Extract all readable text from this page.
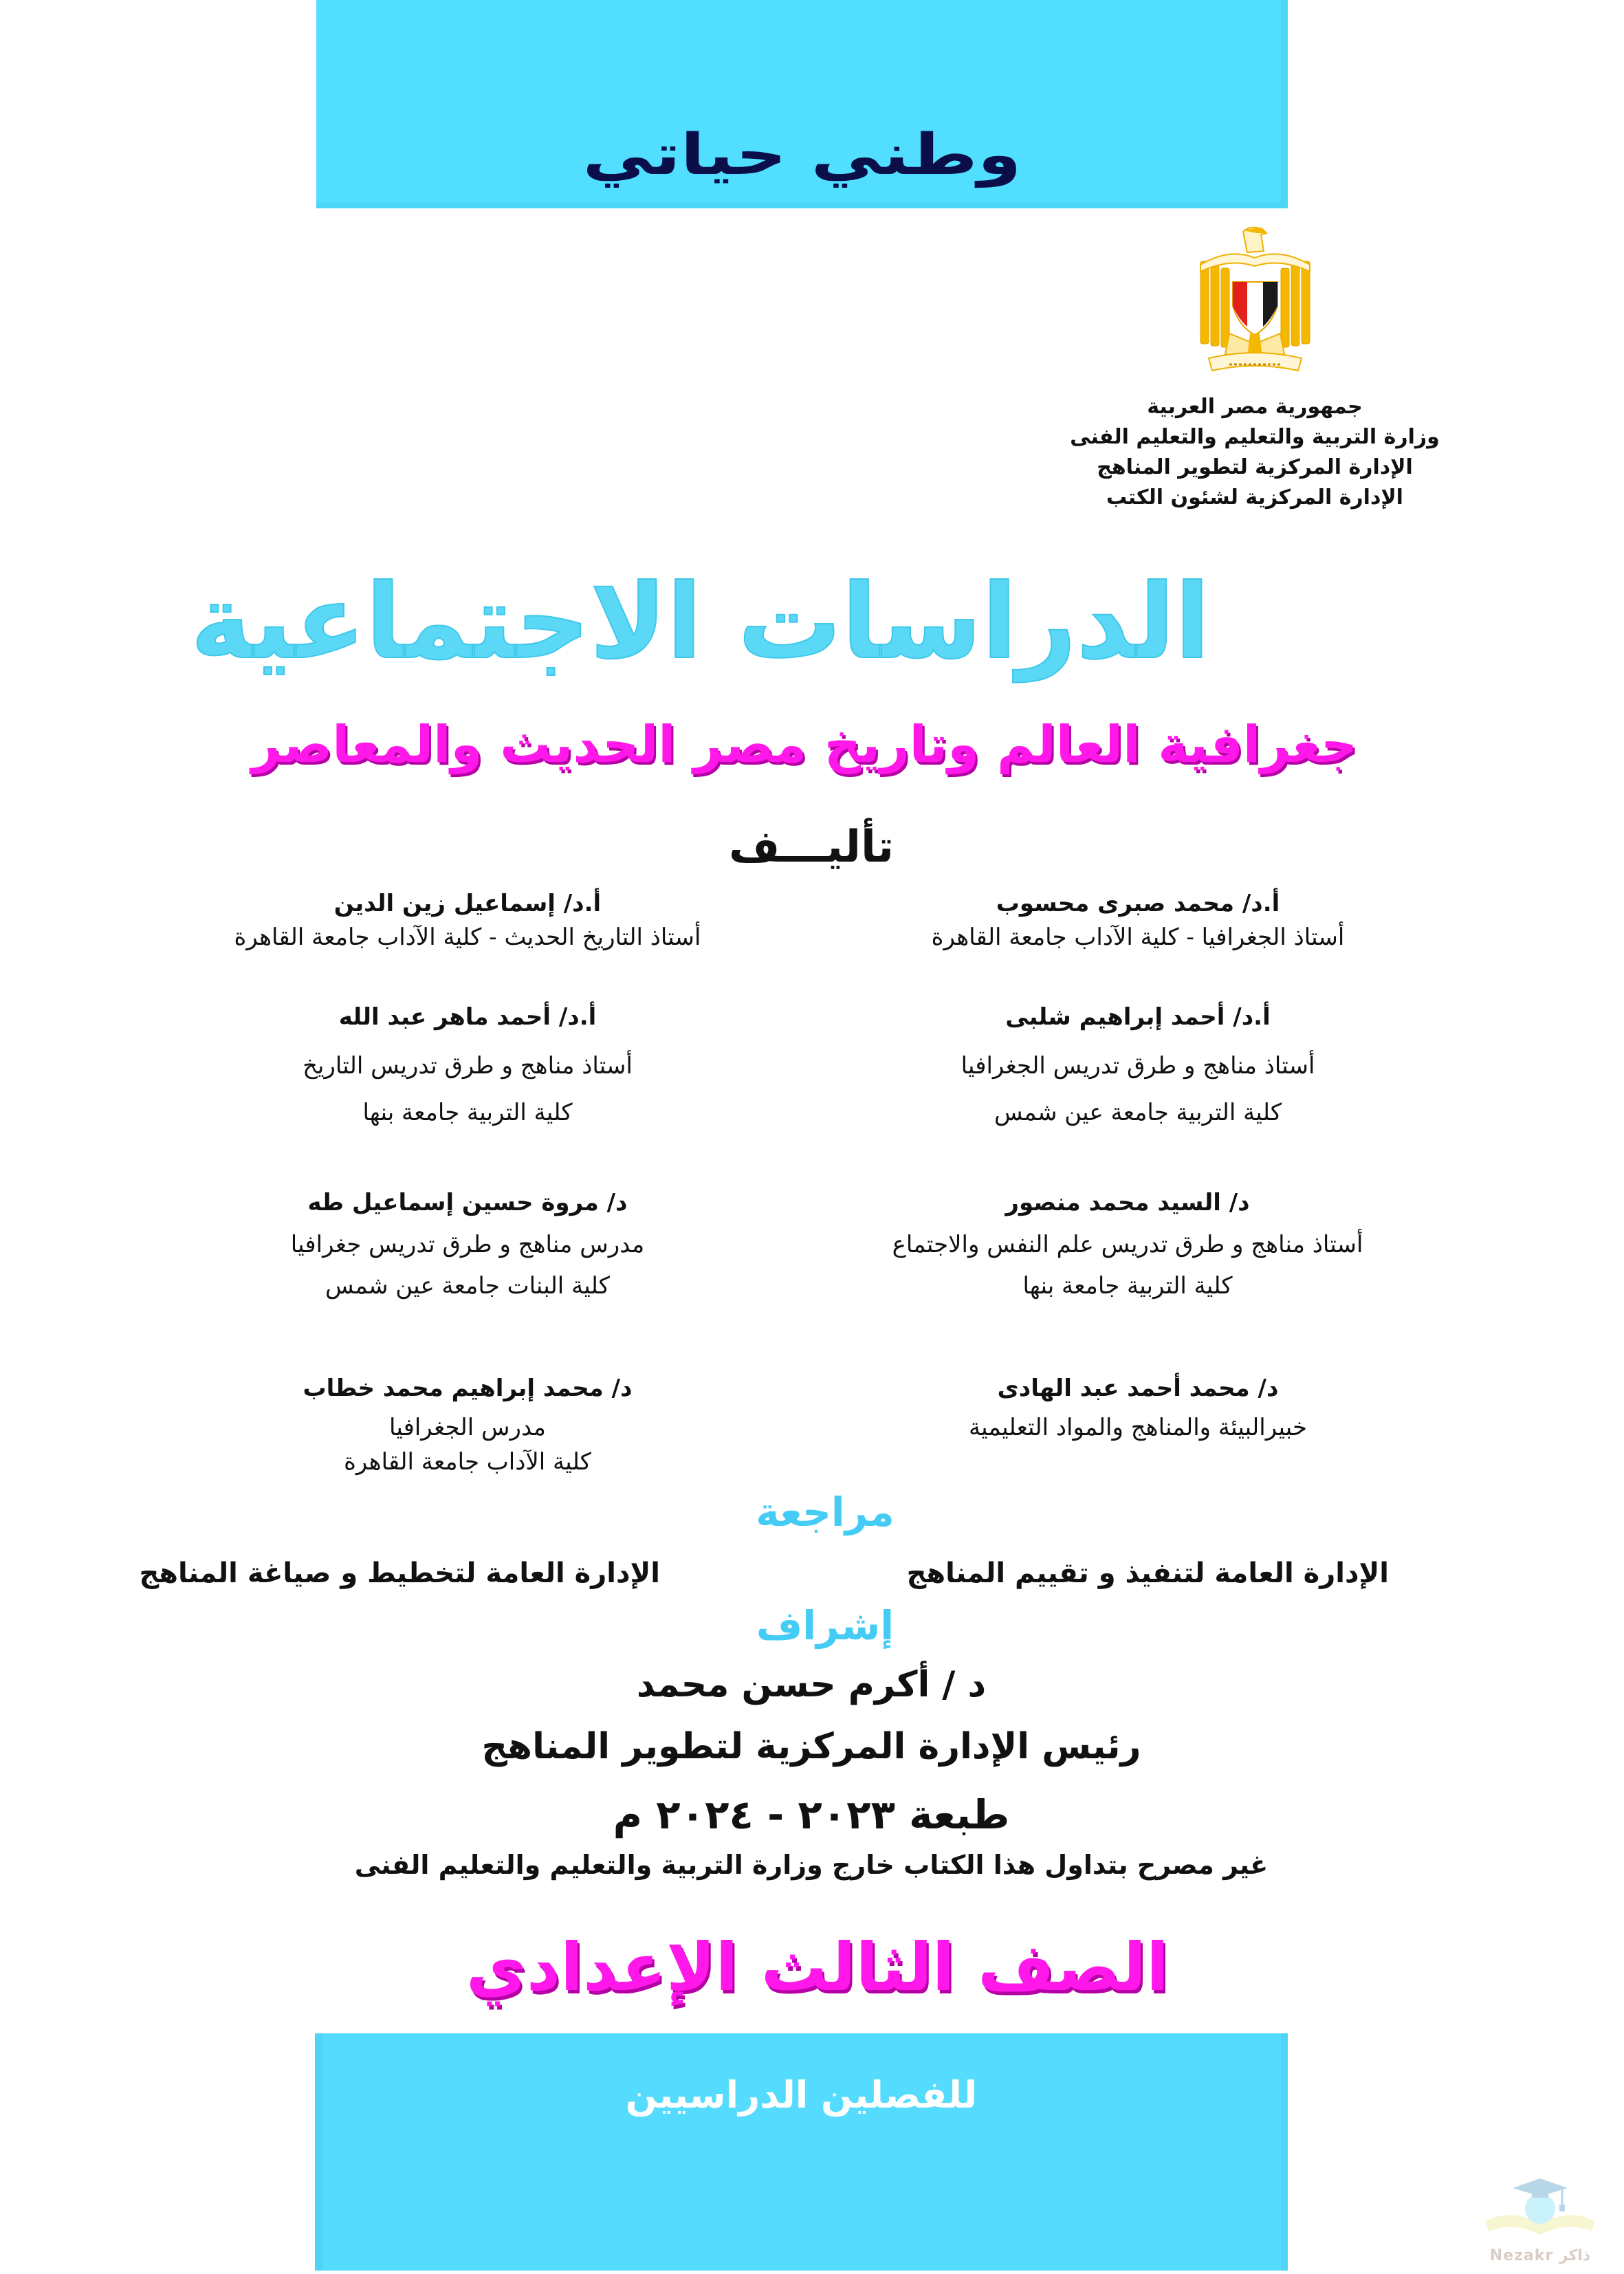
وطني حياتي
جمهورية مصر العربية
وزارة التربية والتعليم والتعليم الفنى
الإدارة المركزية لتطوير المناهج
الإدارة المركزية لشئون الكتب
الدراسات الاجتماعية
جغرافية العالم وتاريخ مصر الحديث والمعاصر
تأليـــف
أ.د/ محمد صبرى محسوب
أستاذ الجغرافيا - كلية الآداب جامعة القاهرة
أ.د/ أحمد إبراهيم شلبى
أستاذ مناهج و طرق تدريس الجغرافيا
كلية التربية جامعة عين شمس
د/ السيد محمد منصور
أستاذ مناهج و طرق تدريس علم النفس والاجتماع
كلية التربية جامعة بنها
د/ محمد أحمد عبد الهادى
خبيرالبيئة والمناهج والمواد التعليمية
أ.د/ إسماعيل زين الدين
أستاذ التاريخ الحديث - كلية الآداب جامعة القاهرة
أ.د/ أحمد ماهر عبد الله
أستاذ مناهج و طرق تدريس التاريخ
كلية التربية جامعة بنها
د/ مروة حسين إسماعيل طه
مدرس مناهج و طرق تدريس جغرافيا
كلية البنات جامعة عين شمس
د/ محمد إبراهيم محمد خطاب
مدرس الجغرافيا
كلية الآداب جامعة القاهرة
مراجعة
الإدارة العامة لتنفيذ و تقييم المناهج
الإدارة العامة لتخطيط و صياغة المناهج
إشراف
د / أكرم حسن محمد
رئيس الإدارة المركزية لتطوير المناهج
طبعة ٢٠٢٣ - ٢٠٢٤ م
غير مصرح بتداول هذا الكتاب خارج وزارة التربية والتعليم والتعليم الفنى
الصف الثالث الإعدادي
للفصلين الدراسيين
Nezakr ذاكر
